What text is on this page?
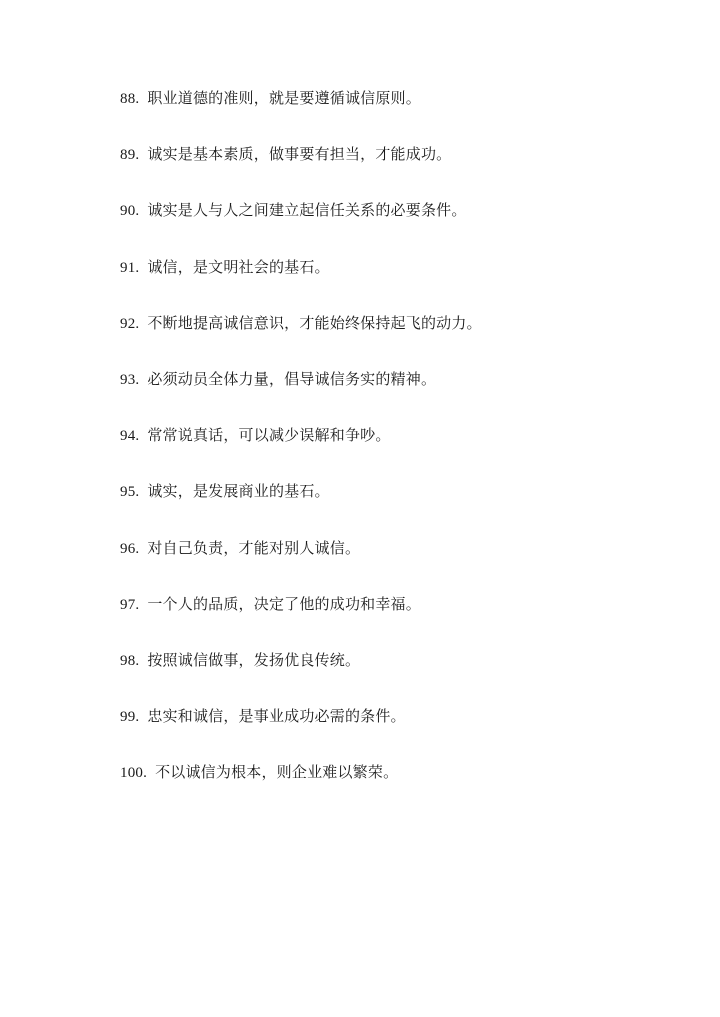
88. 职业道德的准则，就是要遵循诚信原则。
89. 诚实是基本素质，做事要有担当，才能成功。
90. 诚实是人与人之间建立起信任关系的必要条件。
91. 诚信，是文明社会的基石。
92. 不断地提高诚信意识，才能始终保持起飞的动力。
93. 必须动员全体力量，倡导诚信务实的精神。
94. 常常说真话，可以减少误解和争吵。
95. 诚实，是发展商业的基石。
96. 对自己负责，才能对别人诚信。
97. 一个人的品质，决定了他的成功和幸福。
98. 按照诚信做事，发扬优良传统。
99. 忠实和诚信，是事业成功必需的条件。
100. 不以诚信为根本，则企业难以繁荣。
